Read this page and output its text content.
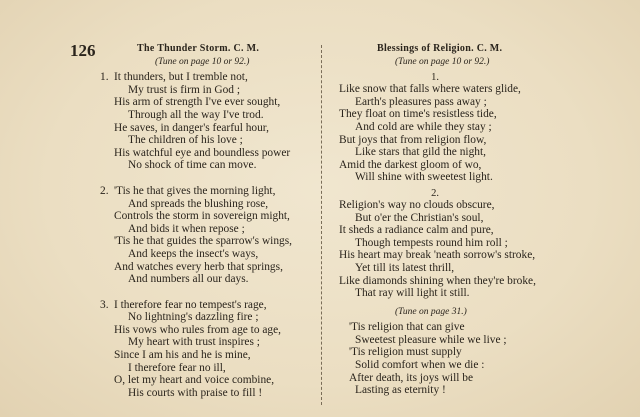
126	The Thunder Storm. C. M.
(Tune on page 10 or 92.)
1. It thunders, but I tremble not,
My trust is firm in God ;
His arm of strength I've ever sought,
Through all the way I've trod.
He saves, in danger's fearful hour,
The children of his love ;
His watchful eye and boundless power
No shock of time can move.
2. 'Tis he that gives the morning light,
And spreads the blushing rose,
Controls the storm in sovereign might,
And bids it when repose ;
'Tis he that guides the sparrow's wings,
And keeps the insect's ways,
And watches every herb that springs,
And numbers all our days.
3. I therefore fear no tempest's rage,
No lightning's dazzling fire ;
His vows who rules from age to age,
My heart with trust inspires ;
Since I am his and he is mine,
I therefore fear no ill,
O, let my heart and voice combine,
His courts with praise to fill !
Blessings of Religion. C. M.
(Tune on page 10 or 92.)
1.
Like snow that falls where waters glide,
Earth's pleasures pass away ;
They float on time's resistless tide,
And cold are while they stay ;
But joys that from religion flow,
Like stars that gild the night,
Amid the darkest gloom of wo,
Will shine with sweetest light.
2.
Religion's way no clouds obscure,
But o'er the Christian's soul,
It sheds a radiance calm and pure,
Though tempests round him roll ;
His heart may break 'neath sorrow's stroke,
Yet till its latest thrill,
Like diamonds shining when they're broke,
That ray will light it still.
(Tune on page 31.)
'Tis religion that can give
Sweetest pleasure while we live ;
'Tis religion must supply
Solid comfort when we die :
After death, its joys will be
Lasting as eternity !
